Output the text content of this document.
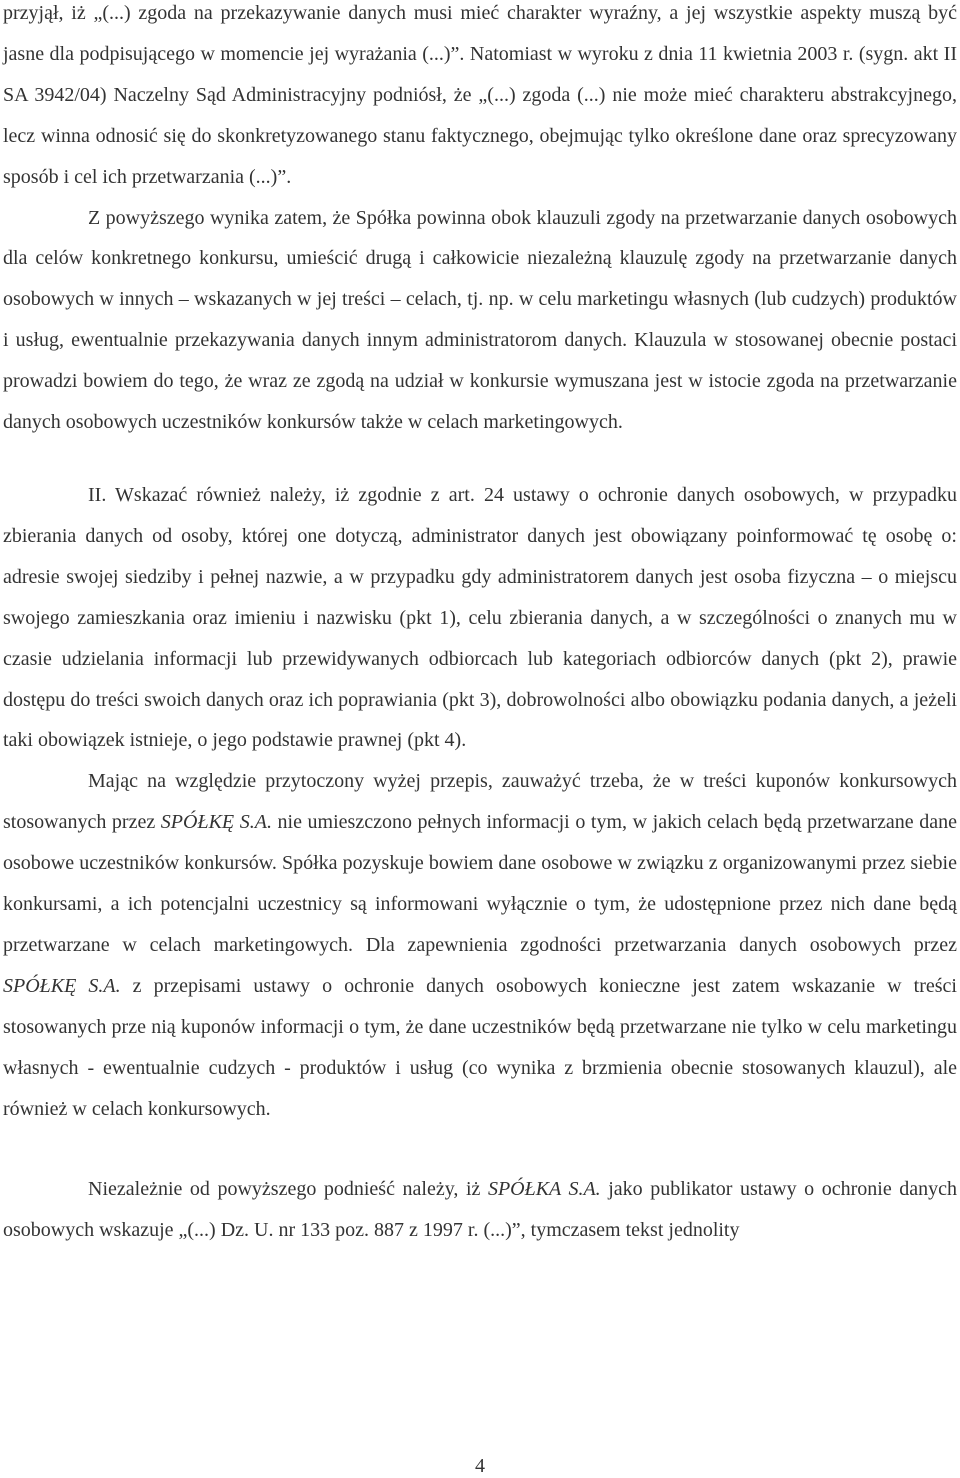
przyjął, iż „(...) zgoda na przekazywanie danych musi mieć charakter wyraźny, a jej wszystkie aspekty muszą być jasne dla podpisującego w momencie jej wyrażania (...)”. Natomiast w wyroku z dnia 11 kwietnia 2003 r. (sygn. akt II SA 3942/04) Naczelny Sąd Administracyjny podniósł, że „(...) zgoda (...) nie może mieć charakteru abstrakcyjnego, lecz winna odnosić się do skonkretyzowanego stanu faktycznego, obejmując tylko określone dane oraz sprecyzowany sposób i cel ich przetwarzania (...)”.

Z powyższego wynika zatem, że Spółka powinna obok klauzuli zgody na przetwarzanie danych osobowych dla celów konkretnego konkursu, umieścić drugą i całkowicie niezależną klauzulę zgody na przetwarzanie danych osobowych w innych – wskazanych w jej treści – celach, tj. np. w celu marketingu własnych (lub cudzych) produktów i usług, ewentualnie przekazywania danych innym administratorom danych. Klauzula w stosowanej obecnie postaci prowadzi bowiem do tego, że wraz ze zgodą na udział w konkursie wymuszana jest w istocie zgoda na przetwarzanie danych osobowych uczestników konkursów także w celach marketingowych.

II. Wskazać również należy, iż zgodnie z art. 24 ustawy o ochronie danych osobowych, w przypadku zbierania danych od osoby, której one dotyczą, administrator danych jest obowiązany poinformować tę osobę o: adresie swojej siedziby i pełnej nazwie, a w przypadku gdy administratorem danych jest osoba fizyczna – o miejscu swojego zamieszkania oraz imieniu i nazwisku (pkt 1), celu zbierania danych, a w szczególności o znanych mu w czasie udzielania informacji lub przewidywanych odbiorcach lub kategoriach odbiorców danych (pkt 2), prawie dostępu do treści swoich danych oraz ich poprawiania (pkt 3), dobrowolności albo obowiązku podania danych, a jeżeli taki obowiązek istnieje, o jego podstawie prawnej (pkt 4).

Mając na względzie przytoczony wyżej przepis, zauważyć trzeba, że w treści kuponów konkursowych stosowanych przez SPÓŁKĘ S.A. nie umieszczono pełnych informacji o tym, w jakich celach będą przetwarzane dane osobowe uczestników konkursów. Spółka pozyskuje bowiem dane osobowe w związku z organizowanymi przez siebie konkursami, a ich potencjalni uczestnicy są informowani wyłącznie o tym, że udostępnione przez nich dane będą przetwarzane w celach marketingowych. Dla zapewnienia zgodności przetwarzania danych osobowych przez SPÓŁKĘ S.A. z przepisami ustawy o ochronie danych osobowych konieczne jest zatem wskazanie w treści stosowanych prze nią kuponów informacji o tym, że dane uczestników będą przetwarzane nie tylko w celu marketingu własnych - ewentualnie cudzych - produktów i usług (co wynika z brzmienia obecnie stosowanych klauzul), ale również w celach konkursowych.

Niezależnie od powyższego podnieść należy, iż SPÓŁKA S.A. jako publikator ustawy o ochronie danych osobowych wskazuje „(...) Dz. U. nr 133 poz. 887 z 1997 r. (...)”, tymczasem tekst jednolity

4
